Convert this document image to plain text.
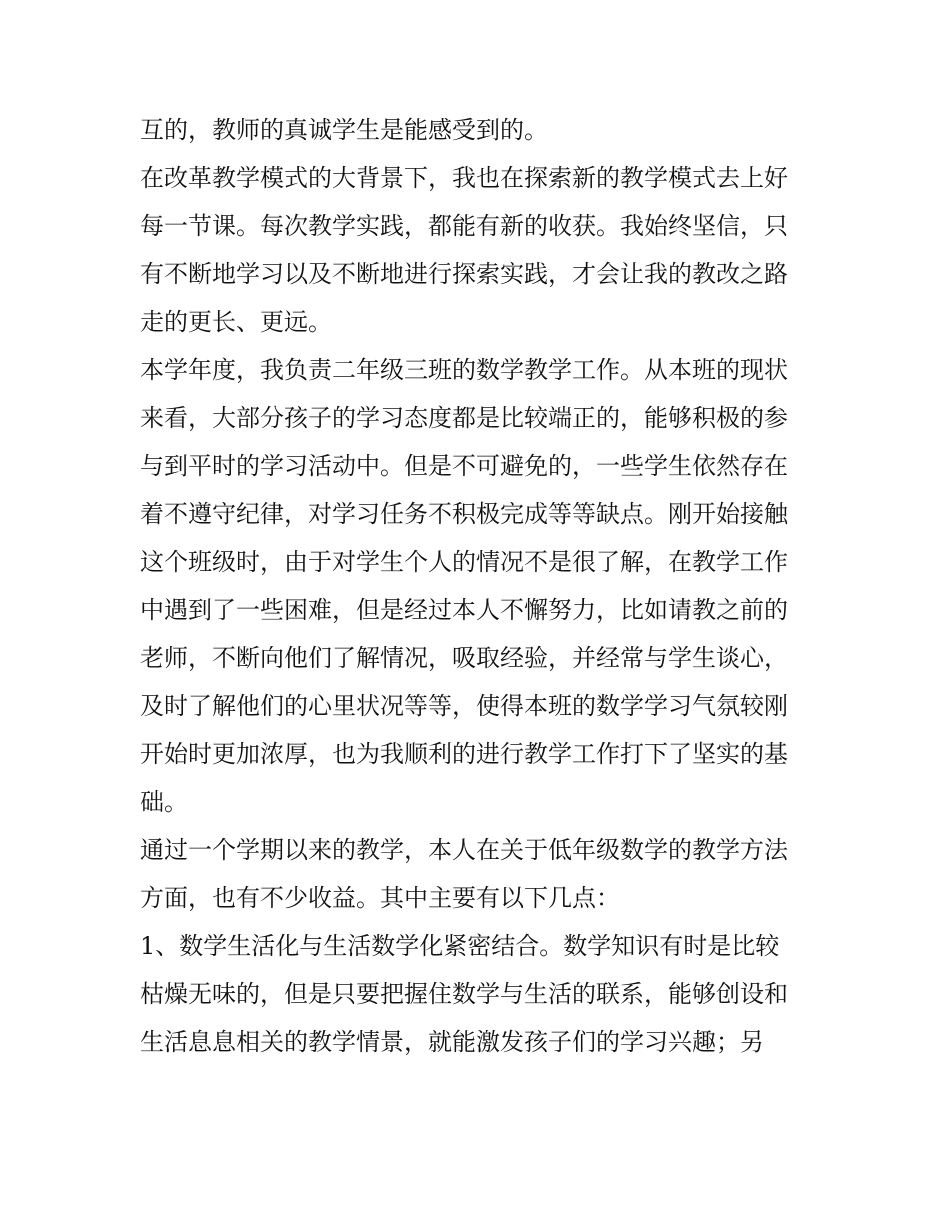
互的，教师的真诚学生是能感受到的。
在改革教学模式的大背景下，我也在探索新的教学模式去上好
每一节课。每次教学实践，都能有新的收获。我始终坚信，只
有不断地学习以及不断地进行探索实践，才会让我的教改之路
走的更长、更远。
本学年度，我负责二年级三班的数学教学工作。从本班的现状
来看，大部分孩子的学习态度都是比较端正的，能够积极的参
与到平时的学习活动中。但是不可避免的，一些学生依然存在
着不遵守纪律，对学习任务不积极完成等等缺点。刚开始接触
这个班级时，由于对学生个人的情况不是很了解，在教学工作
中遇到了一些困难，但是经过本人不懈努力，比如请教之前的
老师，不断向他们了解情况，吸取经验，并经常与学生谈心，
及时了解他们的心里状况等等，使得本班的数学学习气氛较刚
开始时更加浓厚，也为我顺利的进行教学工作打下了坚实的基
础。
通过一个学期以来的教学，本人在关于低年级数学的教学方法
方面，也有不少收益。其中主要有以下几点：
1、数学生活化与生活数学化紧密结合。数学知识有时是比较
枯燥无味的，但是只要把握住数学与生活的联系，能够创设和
生活息息相关的教学情景，就能激发孩子们的学习兴趣；另
